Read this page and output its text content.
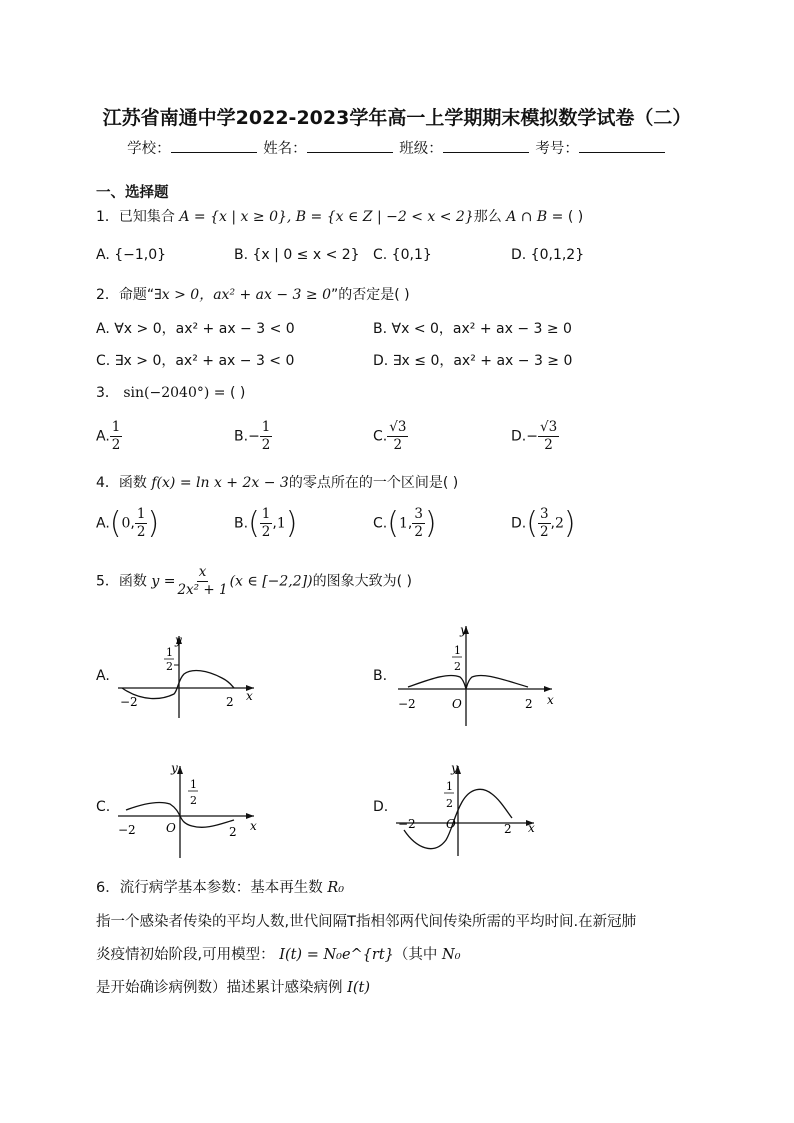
江苏省南通中学2022-2023学年高一上学期期末模拟数学试卷（二）
学校：	姓名：	班级：	考号：
一、选择题
1．已知集合 A = {x | x ≥ 0}, B = {x ∈ Z | −2 < x < 2}那么 A ∩ B = ( )
A. {−1,0}	B. {x | 0 ≤ x < 2} C. {0,1}	D. {0,1,2}
2．命题“∃x > 0，ax² + ax − 3 ≥ 0”的否定是( )
A. ∀x > 0，ax² + ax − 3 < 0	B. ∀x < 0，ax² + ax − 3 ≥ 0
C. ∃x > 0，ax² + ax − 3 < 0	D. ∃x ≤ 0，ax² + ax − 3 ≥ 0
3． sin(−2040°) = ( )
A. $\frac{1}{2}$	$B.- \frac{1}{2}$	C. $\frac{√3}{2}$	$D.- \frac{√3}{2}$
4．函数 f(x) = ln x + 2x − 3的零点所在的一个区间是( )
A.(0, $\frac{1}{2}$ )	$B.( \frac{1}{2} ,1)$	C.(1, $\frac{3}{2}$ )	$D.( \frac{3}{2} ,2)$
5．函数 $y = \frac{x}{\text{2x² + 1}} (x$ ∈ [−2,2])的图象大致为( )
A.	B.
C.	D.
y
1
2
−2	2 x
y
1
2
−2	O	2 x
y
1
2
−2	O	2 x
y
1
2
−2	O	2 x
6．流行病学基本参数：基本再生数 R₀
指一个感染者传染的平均人数,世代间隔T指相邻两代间传染所需的平均时间.在新冠肺
炎疫情初始阶段,可用模型： I(t) = N₀e^{rt}（其中 N₀
是开始确诊病例数）描述累计感染病例 I(t)
